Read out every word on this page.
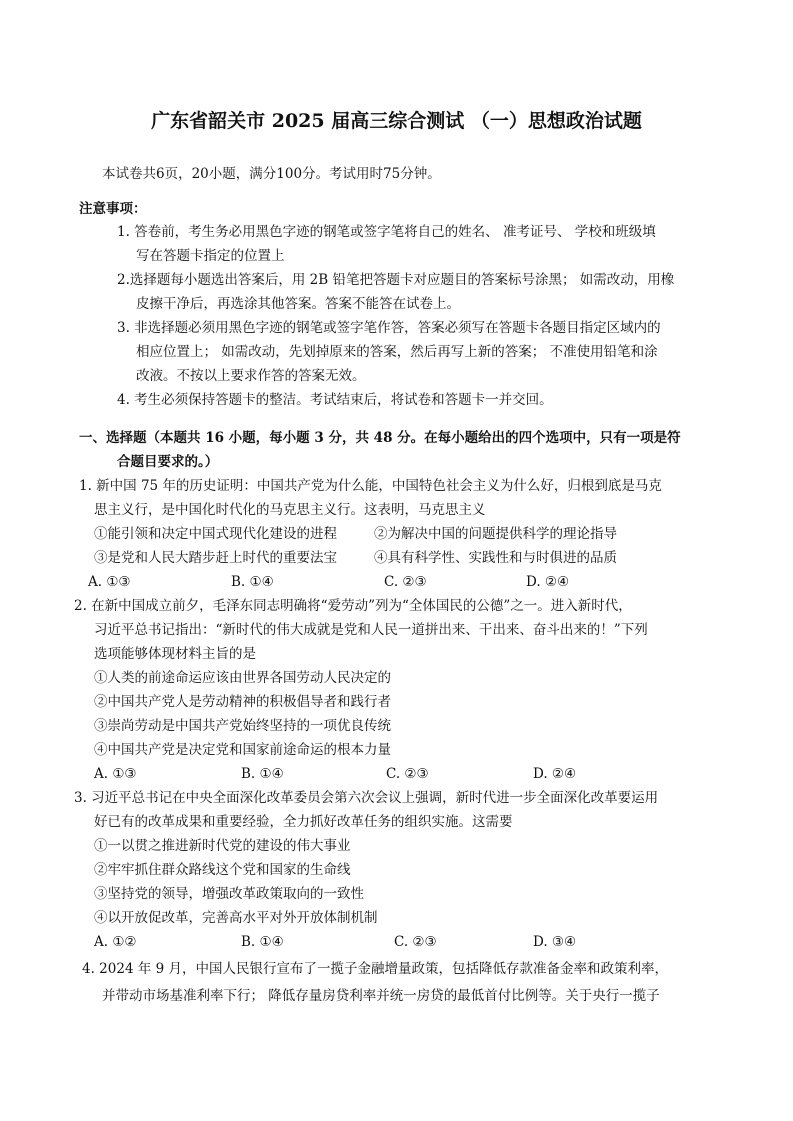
广东省韶关市 2025 届高三综合测试 （一）思想政治试题
本试卷共6页，20小题，满分100分。考试用时75分钟。
注意事项：
1. 答卷前，考生务必用黑色字迹的钢笔或签字笔将自己的姓名、 准考证号、 学校和班级填
写在答题卡指定的位置上
2.选择题每小题选出答案后，用 2B 铅笔把答题卡对应题目的答案标号涂黑； 如需改动，用橡
皮擦干净后，再选涂其他答案。答案不能答在试卷上。
3. 非选择题必须用黑色字迹的钢笔或签字笔作答，答案必须写在答题卡各题目指定区域内的
相应位置上； 如需改动，先划掉原来的答案，然后再写上新的答案； 不准使用铅笔和涂
改液。不按以上要求作答的答案无效。
4. 考生必须保持答题卡的整洁。考试结束后，将试卷和答题卡一并交回。
一、选择题（本题共 16 小题，每小题 3 分，共 48 分。在每小题给出的四个选项中，只有一项是符
合题目要求的。）
1. 新中国 75 年的历史证明：中国共产党为什么能，中国特色社会主义为什么好，归根到底是马克
思主义行，是中国化时代化的马克思主义行。这表明，马克思主义
①能引领和决定中国式现代化建设的进程	②为解决中国的问题提供科学的理论指导
③是党和人民大踏步赶上时代的重要法宝	④具有科学性、实践性和与时俱进的品质
A. ①③	B. ①④	C. ②③	D. ②④
2. 在新中国成立前夕，毛泽东同志明确将“爱劳动”列为“全体国民的公德”之一。进入新时代，
习近平总书记指出：“新时代的伟大成就是党和人民一道拼出来、干出来、奋斗出来的！”下列
选项能够体现材料主旨的是
①人类的前途命运应该由世界各国劳动人民决定的
②中国共产党人是劳动精神的积极倡导者和践行者
③崇尚劳动是中国共产党始终坚持的一项优良传统
④中国共产党是决定党和国家前途命运的根本力量
A. ①③	B. ①④	C. ②③	D. ②④
3. 习近平总书记在中央全面深化改革委员会第六次会议上强调，新时代进一步全面深化改革要运用
好已有的改革成果和重要经验，全力抓好改革任务的组织实施。这需要
①一以贯之推进新时代党的建设的伟大事业
②牢牢抓住群众路线这个党和国家的生命线
③坚持党的领导，增强改革政策取向的一致性
④以开放促改革，完善高水平对外开放体制机制
A. ①②	B. ①④	C. ②③	D. ③④
4. 2024 年 9 月，中国人民银行宣布了一揽子金融增量政策，包括降低存款准备金率和政策利率，
并带动市场基准利率下行； 降低存量房贷利率并统一房贷的最低首付比例等。关于央行一揽子
